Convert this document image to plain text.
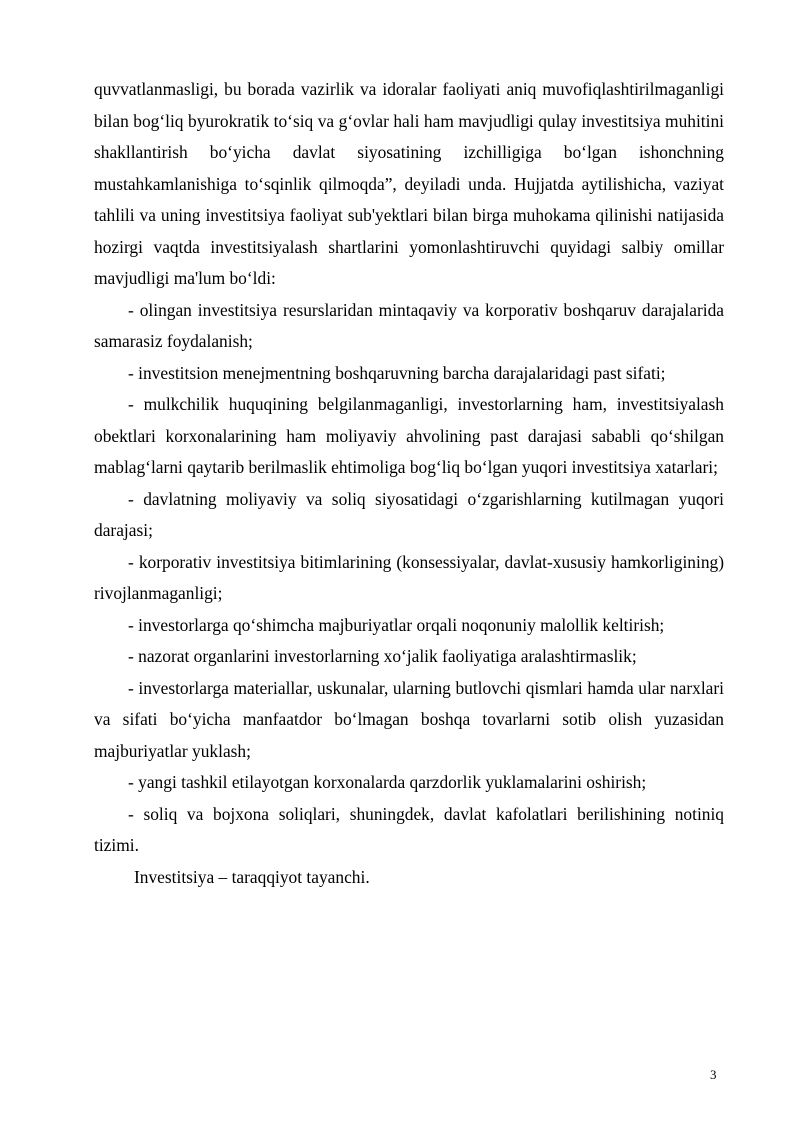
quvvatlanmasligi, bu borada vazirlik va idoralar faoliyati aniq muvofiqlashtirilmaganligi bilan bog‘liq byurokratik to‘siq va g‘ovlar hali ham mavjudligi qulay investitsiya muhitini shakllantirish bo‘yicha davlat siyosatining izchilligiga bo‘lgan ishonchning mustahkamlanishiga to‘sqinlik qilmoqda”, deyiladi unda. Hujjatda aytilishicha, vaziyat tahlili va uning investitsiya faoliyat sub'yektlari bilan birga muhokama qilinishi natijasida hozirgi vaqtda investitsiyalash shartlarini yomonlashtiruvchi quyidagi salbiy omillar mavjudligi ma'lum bo‘ldi:

- olingan investitsiya resurslaridan mintaqaviy va korporativ boshqaruv darajalarida samarasiz foydalanish;

- investitsion menejmentning boshqaruvning barcha darajalaridagi past sifati;

- mulkchilik huquqining belgilanmaganligi, investorlarning ham, investitsiyalash obektlari korxonalarining ham moliyaviy ahvolining past darajasi sababli qo‘shilgan mablag‘larni qaytarib berilmaslik ehtimoliga bog‘liq bo‘lgan yuqori investitsiya xatarlari;

- davlatning moliyaviy va soliq siyosatidagi o‘zgarishlarning kutilmagan yuqori darajasi;

- korporativ investitsiya bitimlarining (konsessiyalar, davlat-xususiy hamkorligining) rivojlanmaganligi;

- investorlarga qo‘shimcha majburiyatlar orqali noqonuniy malollik keltirish;

- nazorat organlarini investorlarning xo‘jalik faoliyatiga aralashtirmaslik;

- investorlarga materiallar, uskunalar, ularning butlovchi qismlari hamda ular narxlari va sifati bo‘yicha manfaatdor bo‘lmagan boshqa tovarlarni sotib olish yuzasidan majburiyatlar yuklash;

- yangi tashkil etilayotgan korxonalarda qarzdorlik yuklamalarini oshirish;

- soliq va bojxona soliqlari, shuningdek, davlat kafolatlari berilishining notiniq tizimi.

Investitsiya – taraqqiyot tayanchi.

3
